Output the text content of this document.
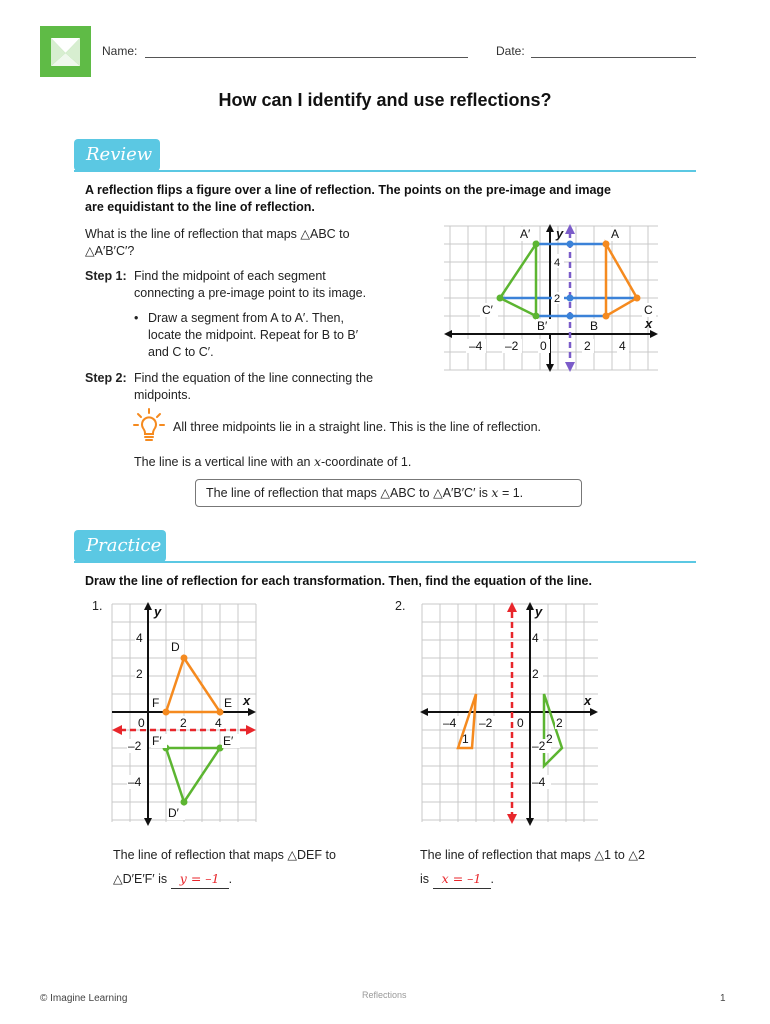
Name:	Date:
How can I identify and use reflections?
Review
A reflection flips a figure over a line of reflection. The points on the pre-image and image
are equidistant to the line of reflection.
What is the line of reflection that maps △ABC to
△A′B′C′?
Step 1: Find the midpoint of each segment
connecting a pre-image point to its image.
• Draw a segment from A to A′. Then,
locate the midpoint. Repeat for B to B′
and C to C′.
Step 2: Find the equation of the line connecting the
midpoints.
A′	A
C′	C
B′	B
4
2
–4 –2 0	2 4
x
y
All three midpoints lie in a straight line. This is the line of reflection.
The line is a vertical line with an x-coordinate of 1.
The line of reflection that maps △ABC to △A′B′C′ is x = 1.
Practice
Draw the line of reflection for each transformation. Then, find the equation of the line.
1.	2.
D
E
F
F′	E′
D′
4
2
–2
–4
0	2 4
x
y
4
2
–2
–4
–4 –2 0	2
1	2
x
y
The line of reflection that maps △DEF to
△D′E′F′ is y = –1 .
The line of reflection that maps △1 to △2
is x = –1 .
© Imagine Learning	Reflections	1
